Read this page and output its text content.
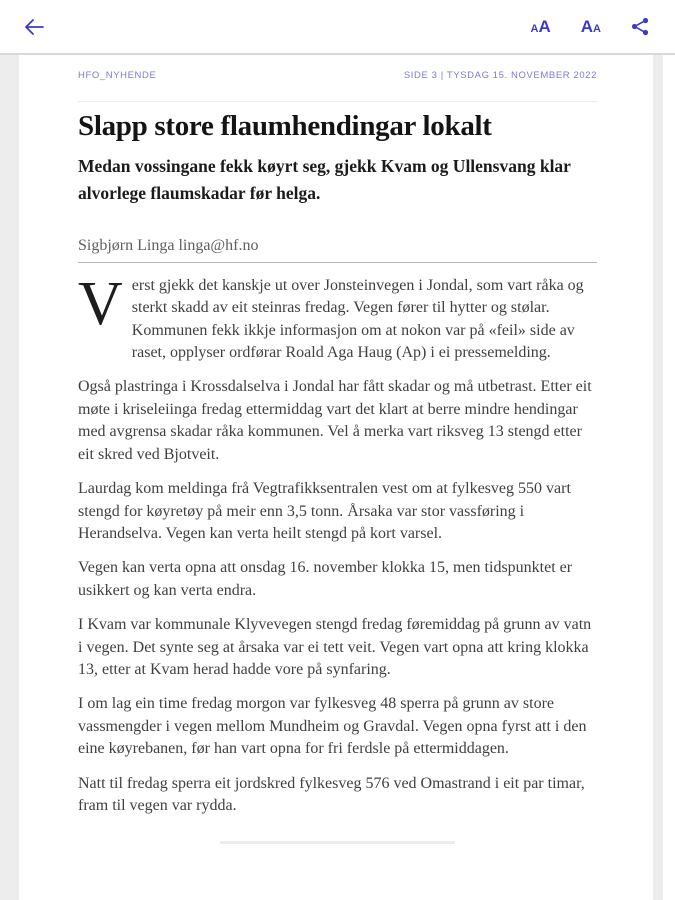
AA AA
HFO_NYHENDE	SIDE 3 | TYSDAG 15. NOVEMBER 2022
Slapp store flaumhendingar lokalt

Medan vossingane fekk køyrt seg, gjekk Kvam og Ullensvang klar alvorlege flaumskadar før helga.

Sigbjørn Linga linga@hf.no

Verst gjekk det kanskje ut over Jonsteinvegen i Jondal, som vart råka og sterkt skadd av eit steinras fredag. Vegen fører til hytter og stølar. Kommunen fekk ikkje informasjon om at nokon var på «feil» side av raset, opplyser ordførar Roald Aga Haug (Ap) i ei pressemelding.

Også plastringa i Krossdalselva i Jondal har fått skadar og må utbetrast. Etter eit møte i kriseleiinga fredag ettermiddag vart det klart at berre mindre hendingar med avgrensa skadar råka kommunen. Vel å merka vart riksveg 13 stengd etter eit skred ved Bjotveit.

Laurdag kom meldinga frå Vegtrafikksentralen vest om at fylkesveg 550 vart stengd for køyretøy på meir enn 3,5 tonn. Årsaka var stor vassføring i Herandselva. Vegen kan verta heilt stengd på kort varsel.

Vegen kan verta opna att onsdag 16. november klokka 15, men tidspunktet er usikkert og kan verta endra.

I Kvam var kommunale Klyvevegen stengd fredag føremiddag på grunn av vatn i vegen. Det synte seg at årsaka var ei tett veit. Vegen vart opna att kring klokka 13, etter at Kvam herad hadde vore på synfaring.

I om lag ein time fredag morgon var fylkesveg 48 sperra på grunn av store vassmengder i vegen mellom Mundheim og Gravdal. Vegen opna fyrst att i den eine køyrebanen, før han vart opna for fri ferdsle på ettermiddagen.

Natt til fredag sperra eit jordskred fylkesveg 576 ved Omastrand i eit par timar, fram til vegen var rydda.
